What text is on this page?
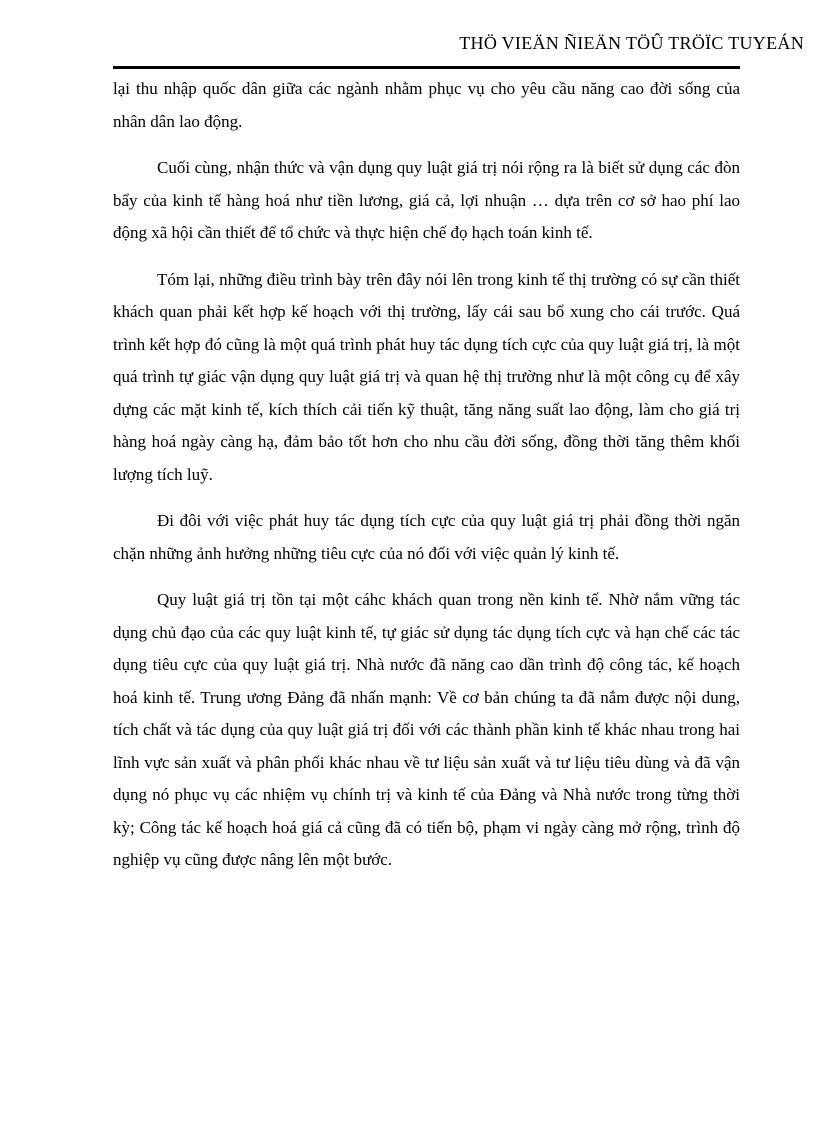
THÖ VIEÄN ÑIEÄN TÖÛ TRÖÏC TUYEÁN

lại thu nhập quốc dân giữa các ngành nhằm phục vụ cho yêu cầu năng cao đời sống của nhân dân lao động.

Cuối cùng, nhận thức và vận dụng quy luật giá trị nói rộng ra là biết sử dụng các đòn bẩy của kinh tế hàng hoá như tiền lương, giá cả, lợi nhuận … dựa trên cơ sở hao phí lao động xã hội cần thiết để tổ chức và thực hiện chế đọ hạch toán kinh tế.

Tóm lại, những điều trình bày trên đây nói lên trong kinh tế thị trường có sự cần thiết khách quan phải kết hợp kế hoạch với thị trường, lấy cái sau bổ xung cho cái trước. Quá trình kết hợp đó cũng là một quá trình phát huy tác dụng tích cực của quy luật giá trị, là một quá trình tự giác vận dụng quy luật giá trị và quan hệ thị trường như là một công cụ để xây dựng các mặt kinh tế, kích thích cải tiến kỹ thuật, tăng năng suất lao động, làm cho giá trị hàng hoá ngày càng hạ, đảm bảo tốt hơn cho nhu cầu đời sống, đồng thời tăng thêm khối lượng tích luỹ.

Đi đôi với việc phát huy tác dụng tích cực của quy luật giá trị phải đồng thời ngăn chặn những ảnh hưởng những tiêu cực của nó đối với việc quản lý kinh tế.

Quy luật giá trị tồn tại một cáhc khách quan trong nền kinh tế. Nhờ nắm vững tác dụng chủ đạo của các quy luật kinh tế, tự giác sử dụng tác dụng tích cực và hạn chế các tác dụng tiêu cực của quy luật giá trị. Nhà nước đã năng cao dần trình độ công tác, kế hoạch hoá kinh tế. Trung ương Đảng đã nhấn mạnh: Về cơ bản chúng ta đã nắm được nội dung, tích chất và tác dụng của quy luật giá trị đối với các thành phần kinh tế khác nhau trong hai lĩnh vực sản xuất và phân phối khác nhau về tư liệu sản xuất và tư liệu tiêu dùng và đã vận dụng nó phục vụ các nhiệm vụ chính trị và kinh tế của Đảng và Nhà nước trong từng thời kỳ; Công tác kế hoạch hoá giá cả cũng đã có tiến bộ, phạm vi ngày càng mở rộng, trình độ nghiệp vụ cũng được nâng lên một bước.
